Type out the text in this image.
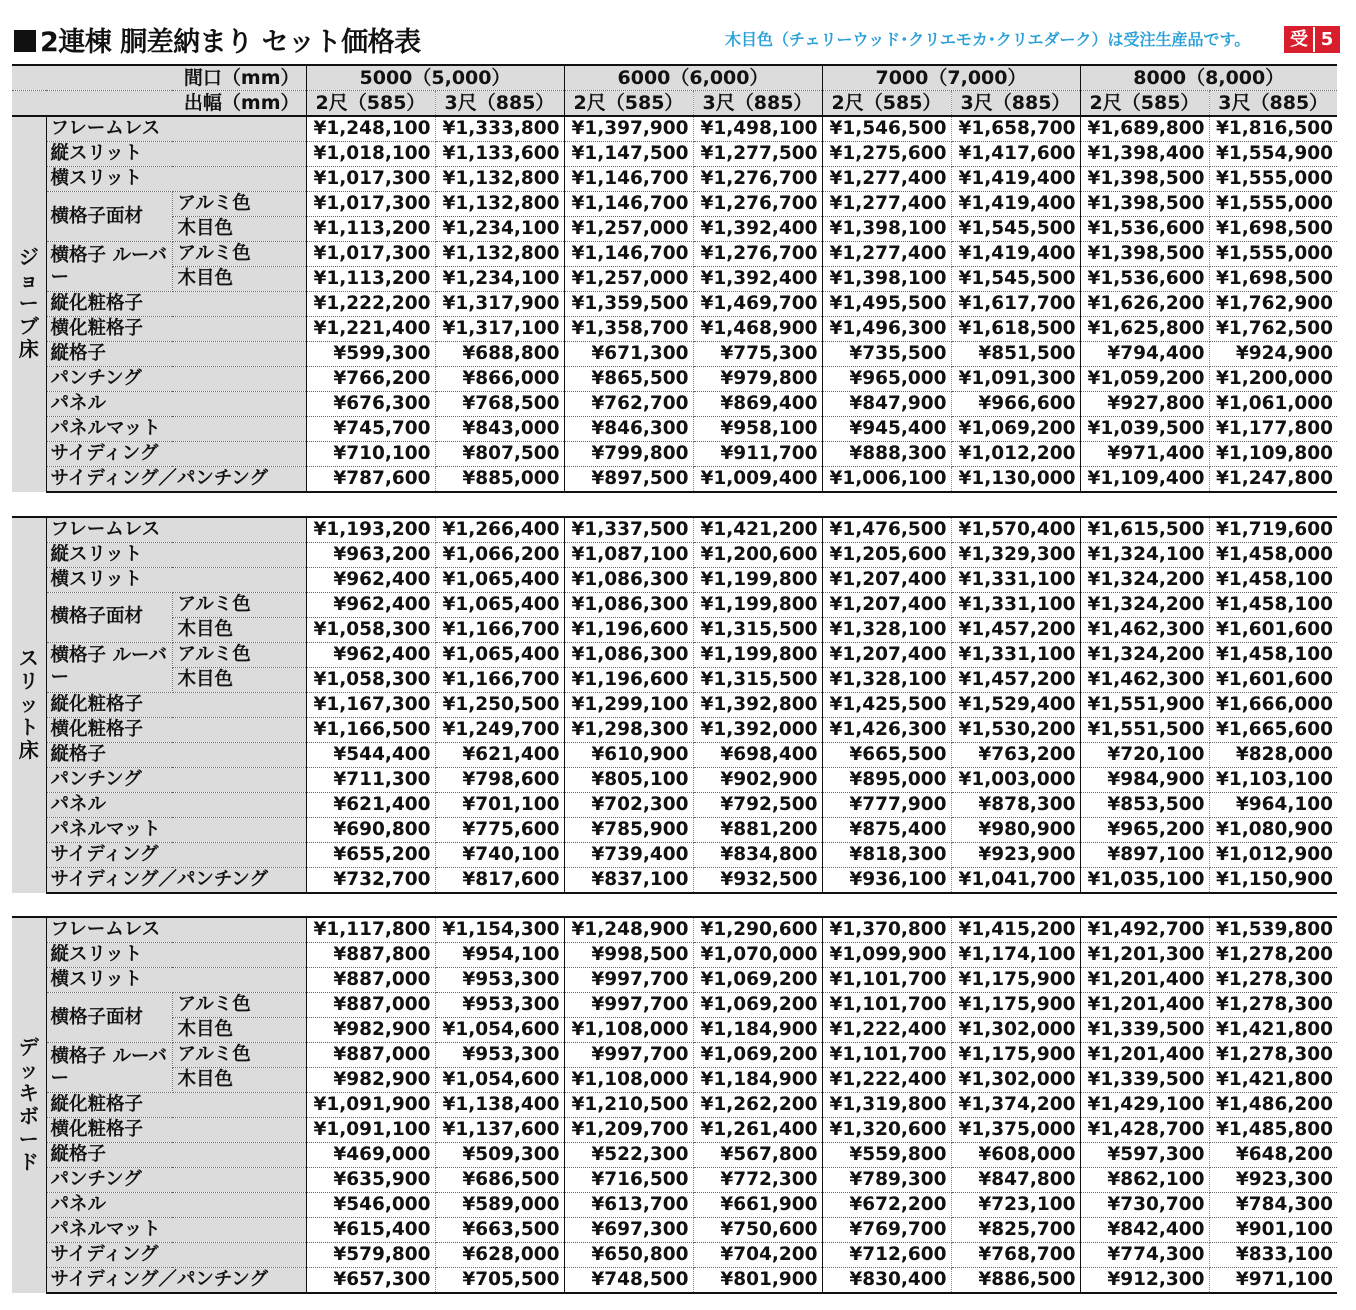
2連棟 胴差納まり セット価格表	木目色（チェリーウッド･クリエモカ･クリエダーク）は受注生産品です。 受 5
		間口（mm）	5000（5,000）		6000（6,000）		7000（7,000）		8000（8,000）	
		出幅（mm）	2尺（585）	3尺（885）	2尺（585）	3尺（885）	2尺（585）	3尺（885）	2尺（585）	3尺（885）
ジョーブ床	フレームレス		¥1,248,100	¥1,333,800	¥1,397,900	¥1,498,100	¥1,546,500	¥1,658,700	¥1,689,800	¥1,816,500
	縦スリット		¥1,018,100	¥1,133,600	¥1,147,500	¥1,277,500	¥1,275,600	¥1,417,600	¥1,398,400	¥1,554,900
	横スリット		¥1,017,300	¥1,132,800	¥1,146,700	¥1,276,700	¥1,277,400	¥1,419,400	¥1,398,500	¥1,555,000
	横格子面材	アルミ色	¥1,017,300	¥1,132,800	¥1,146,700	¥1,276,700	¥1,277,400	¥1,419,400	¥1,398,500	¥1,555,000
		木目色	¥1,113,200	¥1,234,100	¥1,257,000	¥1,392,400	¥1,398,100	¥1,545,500	¥1,536,600	¥1,698,500
	横格子 ルーバー	アルミ色	¥1,017,300	¥1,132,800	¥1,146,700	¥1,276,700	¥1,277,400	¥1,419,400	¥1,398,500	¥1,555,000
		木目色	¥1,113,200	¥1,234,100	¥1,257,000	¥1,392,400	¥1,398,100	¥1,545,500	¥1,536,600	¥1,698,500
	縦化粧格子		¥1,222,200	¥1,317,900	¥1,359,500	¥1,469,700	¥1,495,500	¥1,617,700	¥1,626,200	¥1,762,900
	横化粧格子		¥1,221,400	¥1,317,100	¥1,358,700	¥1,468,900	¥1,496,300	¥1,618,500	¥1,625,800	¥1,762,500
	縦格子		¥599,300	¥688,800	¥671,300	¥775,300	¥735,500	¥851,500	¥794,400	¥924,900
	パンチング		¥766,200	¥866,000	¥865,500	¥979,800	¥965,000	¥1,091,300	¥1,059,200	¥1,200,000
	パネル		¥676,300	¥768,500	¥762,700	¥869,400	¥847,900	¥966,600	¥927,800	¥1,061,000
	パネルマット		¥745,700	¥843,000	¥846,300	¥958,100	¥945,400	¥1,069,200	¥1,039,500	¥1,177,800
	サイディング		¥710,100	¥807,500	¥799,800	¥911,700	¥888,300	¥1,012,200	¥971,400	¥1,109,800
	サイディング／パンチング		¥787,600	¥885,000	¥897,500	¥1,009,400	¥1,006,100	¥1,130,000	¥1,109,400	¥1,247,800

スリット床	フレームレス		¥1,193,200	¥1,266,400	¥1,337,500	¥1,421,200	¥1,476,500	¥1,570,400	¥1,615,500	¥1,719,600
	縦スリット		¥963,200	¥1,066,200	¥1,087,100	¥1,200,600	¥1,205,600	¥1,329,300	¥1,324,100	¥1,458,000
	横スリット		¥962,400	¥1,065,400	¥1,086,300	¥1,199,800	¥1,207,400	¥1,331,100	¥1,324,200	¥1,458,100
	横格子面材	アルミ色	¥962,400	¥1,065,400	¥1,086,300	¥1,199,800	¥1,207,400	¥1,331,100	¥1,324,200	¥1,458,100
		木目色	¥1,058,300	¥1,166,700	¥1,196,600	¥1,315,500	¥1,328,100	¥1,457,200	¥1,462,300	¥1,601,600
	横格子 ルーバー	アルミ色	¥962,400	¥1,065,400	¥1,086,300	¥1,199,800	¥1,207,400	¥1,331,100	¥1,324,200	¥1,458,100
		木目色	¥1,058,300	¥1,166,700	¥1,196,600	¥1,315,500	¥1,328,100	¥1,457,200	¥1,462,300	¥1,601,600
	縦化粧格子		¥1,167,300	¥1,250,500	¥1,299,100	¥1,392,800	¥1,425,500	¥1,529,400	¥1,551,900	¥1,666,000
	横化粧格子		¥1,166,500	¥1,249,700	¥1,298,300	¥1,392,000	¥1,426,300	¥1,530,200	¥1,551,500	¥1,665,600
	縦格子		¥544,400	¥621,400	¥610,900	¥698,400	¥665,500	¥763,200	¥720,100	¥828,000
	パンチング		¥711,300	¥798,600	¥805,100	¥902,900	¥895,000	¥1,003,000	¥984,900	¥1,103,100
	パネル		¥621,400	¥701,100	¥702,300	¥792,500	¥777,900	¥878,300	¥853,500	¥964,100
	パネルマット		¥690,800	¥775,600	¥785,900	¥881,200	¥875,400	¥980,900	¥965,200	¥1,080,900
	サイディング		¥655,200	¥740,100	¥739,400	¥834,800	¥818,300	¥923,900	¥897,100	¥1,012,900
	サイディング／パンチング		¥732,700	¥817,600	¥837,100	¥932,500	¥936,100	¥1,041,700	¥1,035,100	¥1,150,900

デッキボード	フレームレス		¥1,117,800	¥1,154,300	¥1,248,900	¥1,290,600	¥1,370,800	¥1,415,200	¥1,492,700	¥1,539,800
	縦スリット		¥887,800	¥954,100	¥998,500	¥1,070,000	¥1,099,900	¥1,174,100	¥1,201,300	¥1,278,200
	横スリット		¥887,000	¥953,300	¥997,700	¥1,069,200	¥1,101,700	¥1,175,900	¥1,201,400	¥1,278,300
	横格子面材	アルミ色	¥887,000	¥953,300	¥997,700	¥1,069,200	¥1,101,700	¥1,175,900	¥1,201,400	¥1,278,300
		木目色	¥982,900	¥1,054,600	¥1,108,000	¥1,184,900	¥1,222,400	¥1,302,000	¥1,339,500	¥1,421,800
	横格子 ルーバー	アルミ色	¥887,000	¥953,300	¥997,700	¥1,069,200	¥1,101,700	¥1,175,900	¥1,201,400	¥1,278,300
		木目色	¥982,900	¥1,054,600	¥1,108,000	¥1,184,900	¥1,222,400	¥1,302,000	¥1,339,500	¥1,421,800
	縦化粧格子		¥1,091,900	¥1,138,400	¥1,210,500	¥1,262,200	¥1,319,800	¥1,374,200	¥1,429,100	¥1,486,200
	横化粧格子		¥1,091,100	¥1,137,600	¥1,209,700	¥1,261,400	¥1,320,600	¥1,375,000	¥1,428,700	¥1,485,800
	縦格子		¥469,000	¥509,300	¥522,300	¥567,800	¥559,800	¥608,000	¥597,300	¥648,200
	パンチング		¥635,900	¥686,500	¥716,500	¥772,300	¥789,300	¥847,800	¥862,100	¥923,300
	パネル		¥546,000	¥589,000	¥613,700	¥661,900	¥672,200	¥723,100	¥730,700	¥784,300
	パネルマット		¥615,400	¥663,500	¥697,300	¥750,600	¥769,700	¥825,700	¥842,400	¥901,100
	サイディング		¥579,800	¥628,000	¥650,800	¥704,200	¥712,600	¥768,700	¥774,300	¥833,100
	サイディング／パンチング		¥657,300	¥705,500	¥748,500	¥801,900	¥830,400	¥886,500	¥912,300	¥971,100
